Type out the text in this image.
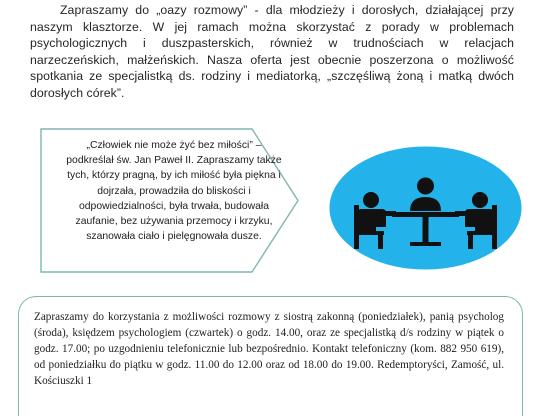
Zapraszamy do „oazy rozmowy” - dla młodzieży i dorosłych, działającej przy naszym klasztorze. W jej ramach można skorzystać z porady w problemach psychologicznych i duszpasterskich, również w trudnościach w relacjach narzeczeńskich, małżeńskich. Nasza oferta jest obecnie poszerzona o możliwość spotkania ze specjalistką ds. rodziny i mediatorką, „szczęśliwą żoną i matką dwóch dorosłych córek”.

„Człowiek nie może żyć bez miłości” – podkreślał św. Jan Paweł II. Zapraszamy także tych, którzy pragną, by ich miłość była piękna i dojrzała, prowadziła do bliskości i odpowiedzialności, była trwała, budowała zaufanie, bez używania przemocy i krzyku, szanowała ciało i pielęgnowała dusze.

Zapraszamy do korzystania z możliwości rozmowy z siostrą zakonną (poniedziałek), panią psycholog (środa), księdzem psychologiem (czwartek) o godz. 14.00, oraz ze specjalistką d/s rodziny w piątek o godz. 17.00; po uzgodnieniu telefonicznie lub bezpośrednio. Kontakt telefoniczny (kom. 882 950 619), od poniedziałku do piątku w godz. 11.00 do 12.00 oraz od 18.00 do 19.00. Redemptoryści, Zamość, ul. Kościuszki 1
